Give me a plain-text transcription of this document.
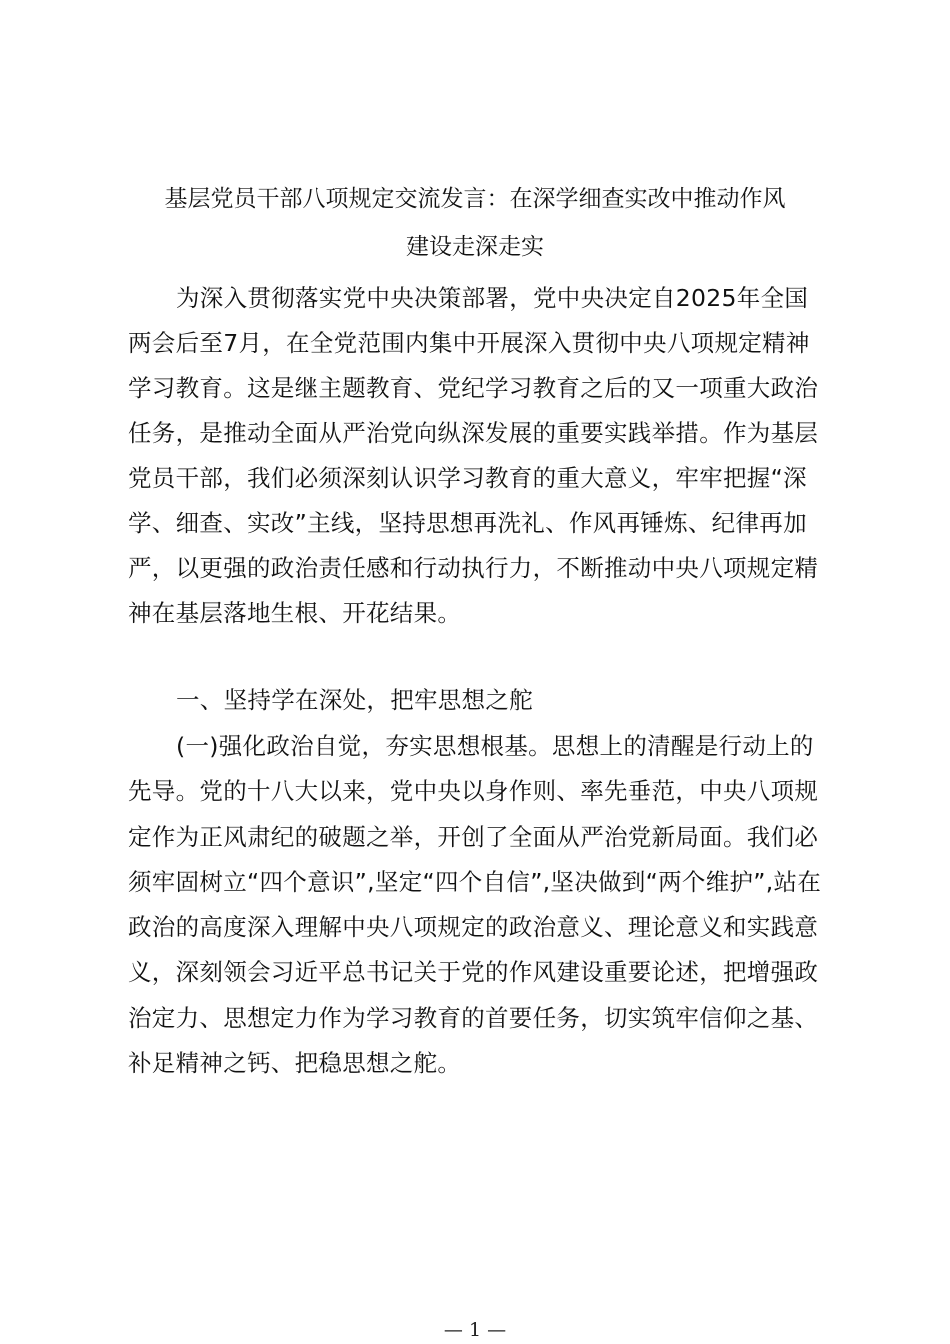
基层党员干部八项规定交流发言：在深学细查实改中推动作风
建设走深走实
为深入贯彻落实党中央决策部署，党中央决定自2025年全国两会后至7月，在全党范围内集中开展深入贯彻中央八项规定精神学习教育。这是继主题教育、党纪学习教育之后的又一项重大政治任务，是推动全面从严治党向纵深发展的重要实践举措。作为基层党员干部，我们必须深刻认识学习教育的重大意义，牢牢把握“深学、细查、实改”主线，坚持思想再洗礼、作风再锤炼、纪律再加严，以更强的政治责任感和行动执行力，不断推动中央八项规定精神在基层落地生根、开花结果。
一、坚持学在深处，把牢思想之舵
(一)强化政治自觉，夯实思想根基。思想上的清醒是行动上的先导。党的十八大以来，党中央以身作则、率先垂范，中央八项规定作为正风肃纪的破题之举，开创了全面从严治党新局面。我们必须牢固树立“四个意识”,坚定“四个自信”,坚决做到“两个维护”,站在政治的高度深入理解中央八项规定的政治意义、理论意义和实践意义，深刻领会习近平总书记关于党的作风建设重要论述，把增强政治定力、思想定力作为学习教育的首要任务，切实筑牢信仰之基、补足精神之钙、把稳思想之舵。
— 1 —
